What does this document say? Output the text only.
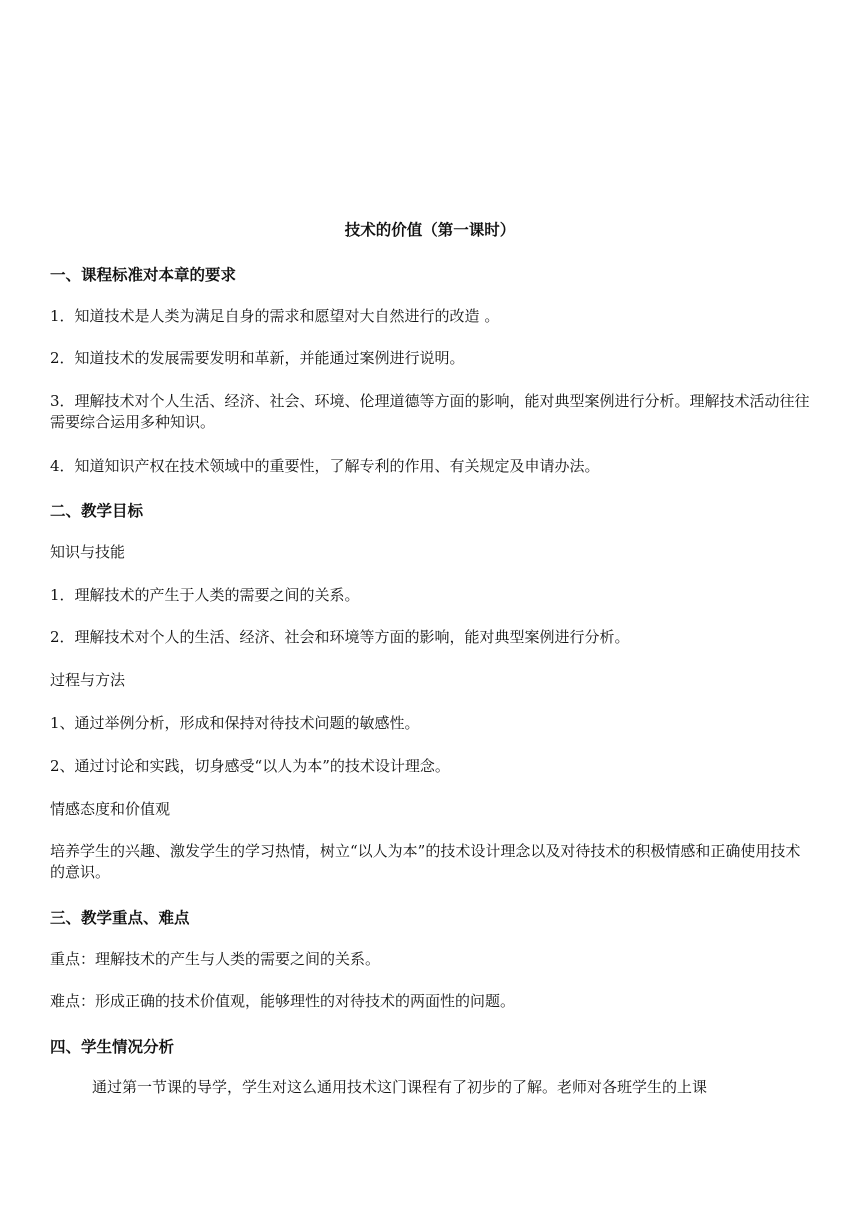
技术的价值（第一课时）
一、课程标准对本章的要求
1．知道技术是人类为满足自身的需求和愿望对大自然进行的改造 。
2．知道技术的发展需要发明和革新，并能通过案例进行说明。
3．理解技术对个人生活、经济、社会、环境、伦理道德等方面的影响，能对典型案例进行分析。理解技术活动往往需要综合运用多种知识。
4．知道知识产权在技术领域中的重要性，了解专利的作用、有关规定及申请办法。
二、教学目标
知识与技能
1．理解技术的产生于人类的需要之间的关系。
2．理解技术对个人的生活、经济、社会和环境等方面的影响，能对典型案例进行分析。
过程与方法
1、通过举例分析，形成和保持对待技术问题的敏感性。
2、通过讨论和实践，切身感受“以人为本”的技术设计理念。
情感态度和价值观
培养学生的兴趣、激发学生的学习热情，树立“以人为本”的技术设计理念以及对待技术的积极情感和正确使用技术的意识。
三、教学重点、难点
重点：理解技术的产生与人类的需要之间的关系。
难点：形成正确的技术价值观，能够理性的对待技术的两面性的问题。
四、学生情况分析
通过第一节课的导学，学生对这么通用技术这门课程有了初步的了解。老师对各班学生的上课
